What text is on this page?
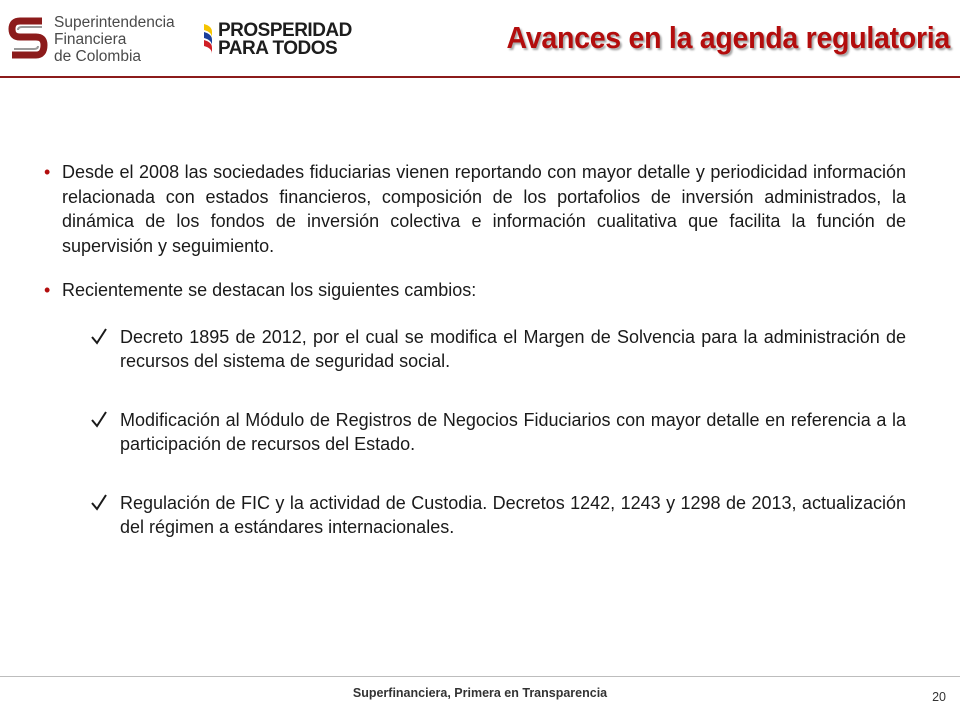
Superintendencia
Financiera
de Colombia
PROSPERIDAD
PARA TODOS	Avances en la agenda regulatoria
• Desde el 2008 las sociedades fiduciarias vienen reportando con mayor detalle y periodicidad información relacionada con estados financieros, composición de los portafolios de inversión administrados, la dinámica de los fondos de inversión colectiva e información cualitativa que facilita la función de supervisión y seguimiento.
• Recientemente se destacan los siguientes cambios:
Decreto 1895 de 2012, por el cual se modifica el Margen de Solvencia para la administración de recursos del sistema de seguridad social.
Modificación al Módulo de Registros de Negocios Fiduciarios con mayor detalle en referencia a la participación de recursos del Estado.
Regulación de FIC y la actividad de Custodia. Decretos 1242, 1243 y 1298 de 2013, actualización del régimen a estándares internacionales.
Superfinanciera, Primera en Transparencia	20
